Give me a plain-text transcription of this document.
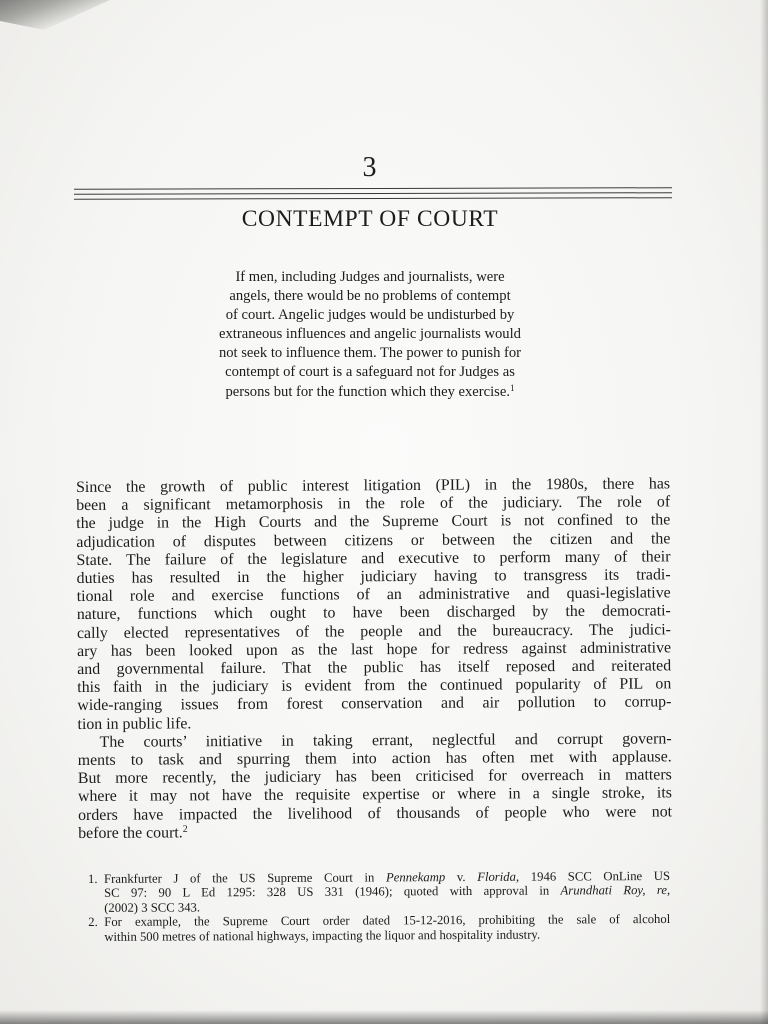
3
CONTEMPT OF COURT
If men, including Judges and journalists, were
angels, there would be no problems of contempt
of court. Angelic judges would be undisturbed by
extraneous influences and angelic journalists would
not seek to influence them. The power to punish for
contempt of court is a safeguard not for Judges as
persons but for the function which they exercise.$^1$
Since the growth of public interest litigation (PIL) in the 1980s, there has
been a significant metamorphosis in the role of the judiciary. The role of
the judge in the High Courts and the Supreme Court is not confined to the
adjudication of disputes between citizens or between the citizen and the
State. The failure of the legislature and executive to perform many of their
duties has resulted in the higher judiciary having to transgress its tradi-
tional role and exercise functions of an administrative and quasi-legislative
nature, functions which ought to have been discharged by the democrati-
cally elected representatives of the people and the bureaucracy. The judici-
ary has been looked upon as the last hope for redress against administrative
and governmental failure. That the public has itself reposed and reiterated
this faith in the judiciary is evident from the continued popularity of PIL on
wide-ranging issues from forest conservation and air pollution to corrup-
tion in public life.
The courts’ initiative in taking errant, neglectful and corrupt govern-
ments to task and spurring them into action has often met with applause.
But more recently, the judiciary has been criticised for overreach in matters
where it may not have the requisite expertise or where in a single stroke, its
orders have impacted the livelihood of thousands of people who were not
before the court.$^2$
1. Frankfurter J of the US Supreme Court in Pennekamp v. Florida, 1946 SCC OnLine US
SC 97: 90 L Ed 1295: 328 US 331 (1946); quoted with approval in Arundhati Roy, re,
(2002) 3 SCC 343.
2. For example, the Supreme Court order dated 15-12-2016, prohibiting the sale of alcohol
within 500 metres of national highways, impacting the liquor and hospitality industry.
